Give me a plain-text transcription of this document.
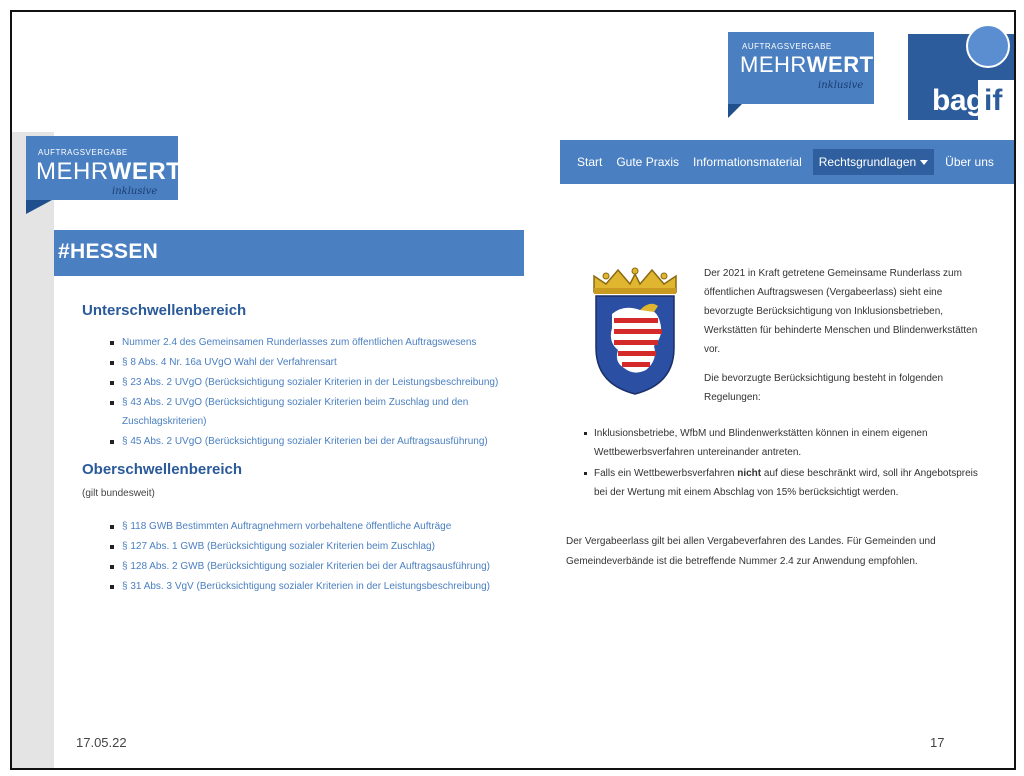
AUFTRAGSVERGABE
MEHRWERT
inklusive bag if
AUFTRAGSVERGABE
MEHRWERT
inklusive
Start Gute Praxis Informationsmaterial	Rechtsgrundlagen	Über uns
#HESSEN
Unterschwellenbereich
Nummer 2.4 des Gemeinsamen Runderlasses zum öffentlichen Auftragswesens
§ 8 Abs. 4 Nr. 16a UVgO Wahl der Verfahrensart
§ 23 Abs. 2 UVgO (Berücksichtigung sozialer Kriterien in der Leistungsbeschreibung)
§ 43 Abs. 2 UVgO (Berücksichtigung sozialer Kriterien beim Zuschlag und den Zuschlagskriterien)
§ 45 Abs. 2 UVgO (Berücksichtigung sozialer Kriterien bei der Auftragsausführung)
Oberschwellenbereich

(gilt bundesweit)

§ 118 GWB Bestimmten Auftragnehmern vorbehaltene öffentliche Aufträge
§ 127 Abs. 1 GWB (Berücksichtigung sozialer Kriterien beim Zuschlag)
§ 128 Abs. 2 GWB (Berücksichtigung sozialer Kriterien bei der Auftragsausführung)
§ 31 Abs. 3 VgV (Berücksichtigung sozialer Kriterien in der Leistungsbeschreibung)

Der 2021 in Kraft getretene Gemeinsame Runderlass zum öffentlichen Auftragswesen (Vergabeerlass) sieht eine bevorzugte Berücksichtigung von Inklusionsbetrieben, Werkstätten für behinderte Menschen und Blindenwerkstätten vor.

Die bevorzugte Berücksichtigung besteht in folgenden Regelungen:

Inklusionsbetriebe, WfbM und Blindenwerkstätten können in einem eigenen Wettbewerbsverfahren untereinander antreten.
Falls ein Wettbewerbsverfahren nicht auf diese beschränkt wird, soll ihr Angebotspreis bei der Wertung mit einem Abschlag von 15% berücksichtigt werden.
Der Vergabeerlass gilt bei allen Vergabeverfahren des Landes. Für Gemeinden und Gemeindeverbände ist die betreffende Nummer 2.4 zur Anwendung empfohlen.
17.05.22	17
